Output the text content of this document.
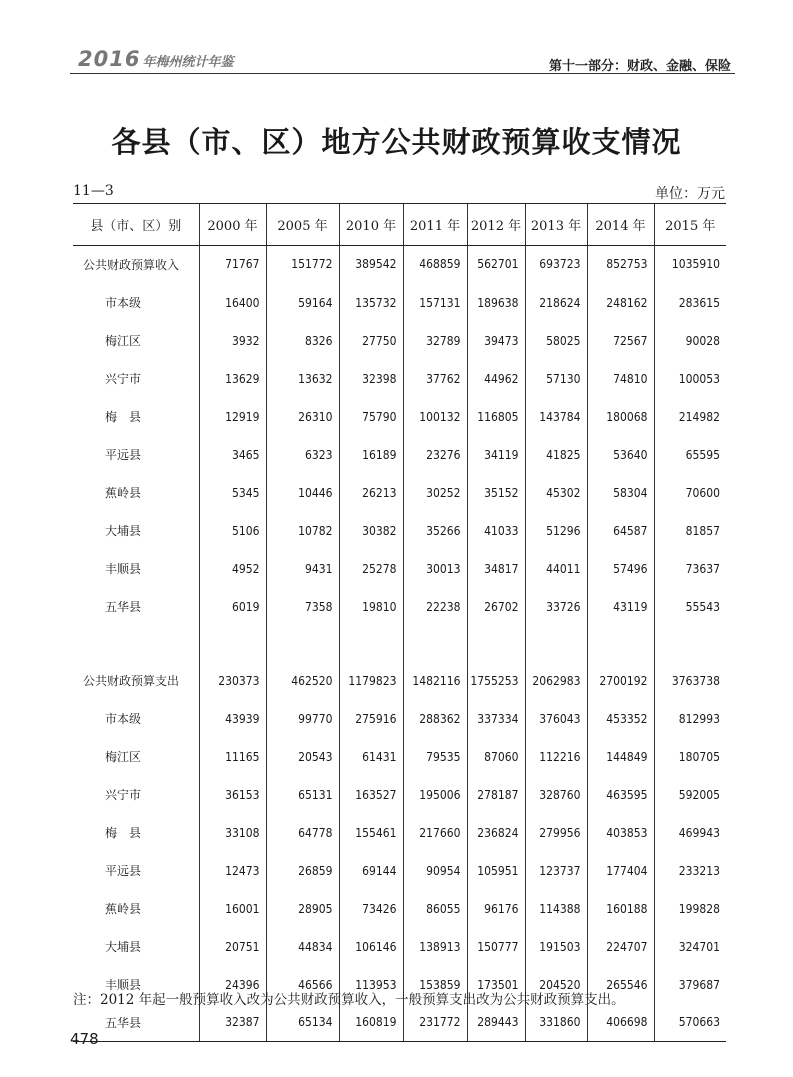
2016 年梅州统计年鉴	第十一部分：财政、金融、保险
各县（市、区）地方公共财政预算收支情况
11—3	单位：万元
县（市、区）别	2000 年	2005 年	2010 年	2011 年	2012 年	2013 年	2014 年	2015 年
公共财政预算收入	71767	151772	389542	468859	562701	693723	852753	1035910
市本级	16400	59164	135732	157131	189638	218624	248162	283615
梅江区	3932	8326	27750	32789	39473	58025	72567	90028
兴宁市	13629	13632	32398	37762	44962	57130	74810	100053
梅　县	12919	26310	75790	100132	116805	143784	180068	214982
平远县	3465	6323	16189	23276	34119	41825	53640	65595
蕉岭县	5345	10446	26213	30252	35152	45302	58304	70600
大埔县	5106	10782	30382	35266	41033	51296	64587	81857
丰顺县	4952	9431	25278	30013	34817	44011	57496	73637
五华县	6019	7358	19810	22238	26702	33726	43119	55543

公共财政预算支出	230373	462520	1179823	1482116	1755253	2062983	2700192	3763738
市本级	43939	99770	275916	288362	337334	376043	453352	812993
梅江区	11165	20543	61431	79535	87060	112216	144849	180705
兴宁市	36153	65131	163527	195006	278187	328760	463595	592005
梅　县	33108	64778	155461	217660	236824	279956	403853	469943
平远县	12473	26859	69144	90954	105951	123737	177404	233213
蕉岭县	16001	28905	73426	86055	96176	114388	160188	199828
大埔县	20751	44834	106146	138913	150777	191503	224707	324701
丰顺县	24396	46566	113953	153859	173501	204520	265546	379687
五华县	32387	65134	160819	231772	289443	331860	406698	570663
注：2012 年起一般预算收入改为公共财政预算收入，一般预算支出改为公共财政预算支出。
478
